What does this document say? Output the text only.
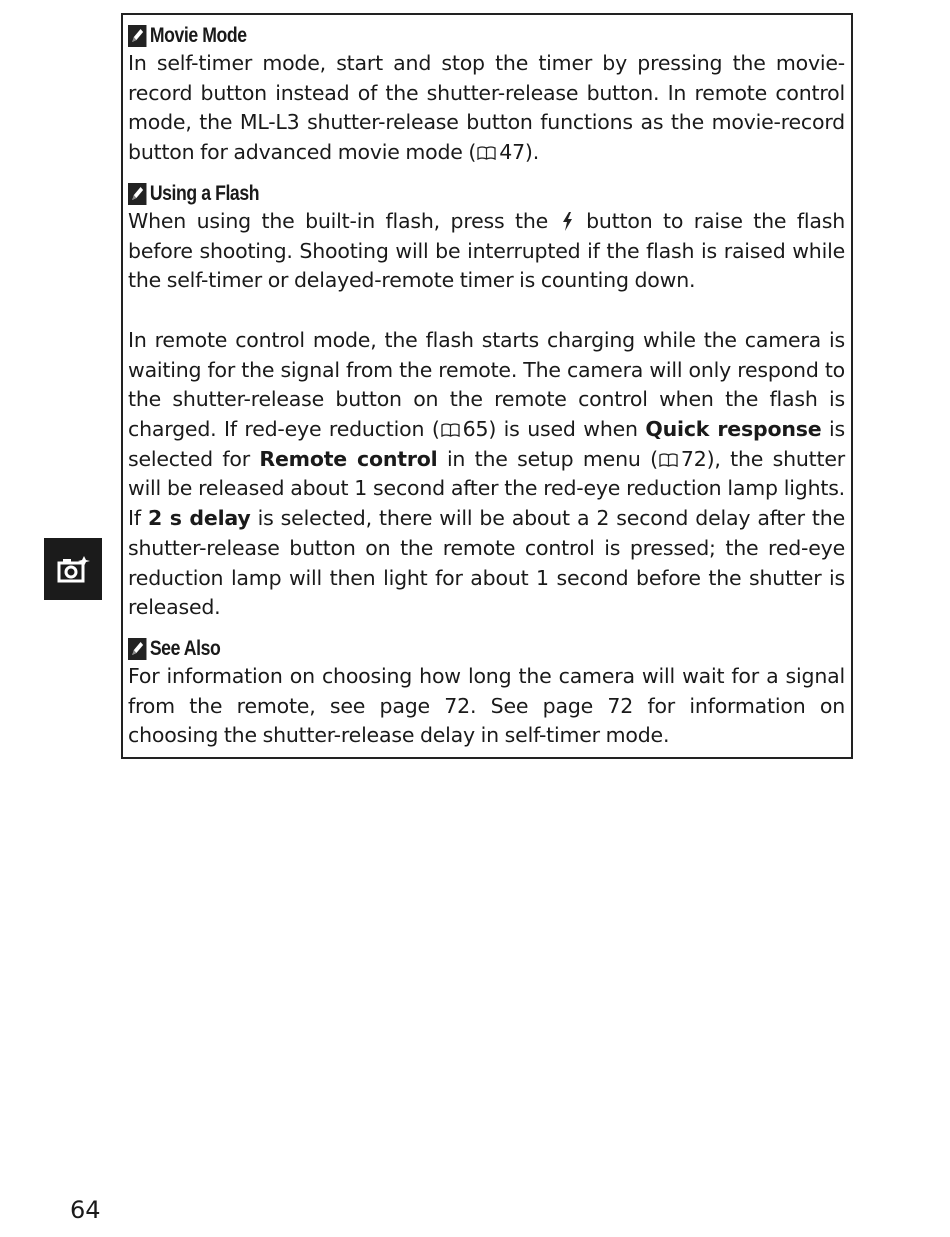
Movie Mode

In self-timer mode, start and stop the timer by pressing the movie-record button instead of the shutter-release button. In remote control mode, the ML-L3 shutter-release button functions as the movie-record button for advanced movie mode ( 47).

Using a Flash

When using the built-in flash, press the  button to raise the flash before shooting. Shooting will be interrupted if the flash is raised while the self-timer or delayed-remote timer is counting down.

In remote control mode, the flash starts charging while the camera is waiting for the signal from the remote. The camera will only respond to the shutter-release button on the remote control when the flash is charged. If red-eye reduction ( 65) is used when Quick response is selected for Remote control in the setup menu ( 72), the shutter will be released about 1 second after the red-eye reduction lamp lights. If 2 s delay is selected, there will be about a 2 second delay after the shutter-release button on the remote control is pressed; the red-eye reduction lamp will then light for about 1 second before the shutter is released.

See Also

For information on choosing how long the camera will wait for a signal from the remote, see page 72. See page 72 for information on choosing the shutter-release delay in self-timer mode.

64
